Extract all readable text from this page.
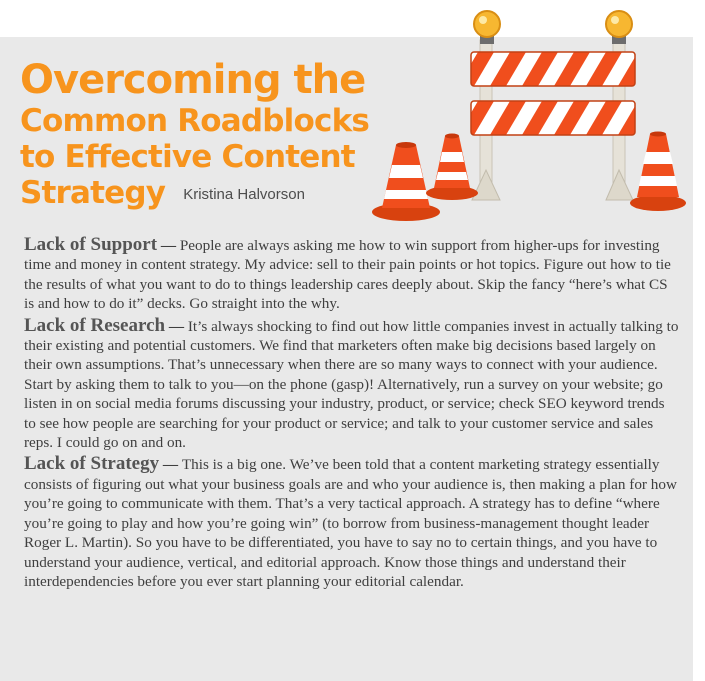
Overcoming the
Common Roadblocks
to Effective Content
Strategy Kristina Halvorson

Lack of Support — People are always asking me how to win support from higher-ups for investing time and money in content strategy. My advice: sell to their pain points or hot topics. Figure out how to tie the results of what you want to do to things leadership cares deeply about. Skip the fancy “here’s what CS is and how to do it” decks. Go straight into the why.

Lack of Research — It’s always shocking to find out how little companies invest in actually talking to their existing and potential customers. We find that marketers often make big decisions based largely on their own assumptions. That’s unnecessary when there are so many ways to connect with your audience. Start by asking them to talk to you—on the phone (gasp)! Alternatively, run a survey on your website; go listen in on social media forums discussing your industry, product, or service; check SEO keyword trends to see how people are searching for your product or service; and talk to your customer service and sales reps. I could go on and on.

Lack of Strategy — This is a big one. We’ve been told that a content marketing strategy essentially consists of figuring out what your business goals are and who your audience is, then making a plan for how you’re going to communicate with them. That’s a very tactical approach. A strategy has to define “where you’re going to play and how you’re going win” (to borrow from business-management thought leader Roger L. Martin). So you have to be differentiated, you have to say no to certain things, and you have to understand your audience, vertical, and editorial approach. Know those things and understand their interdependencies before you ever start planning your editorial calendar.
